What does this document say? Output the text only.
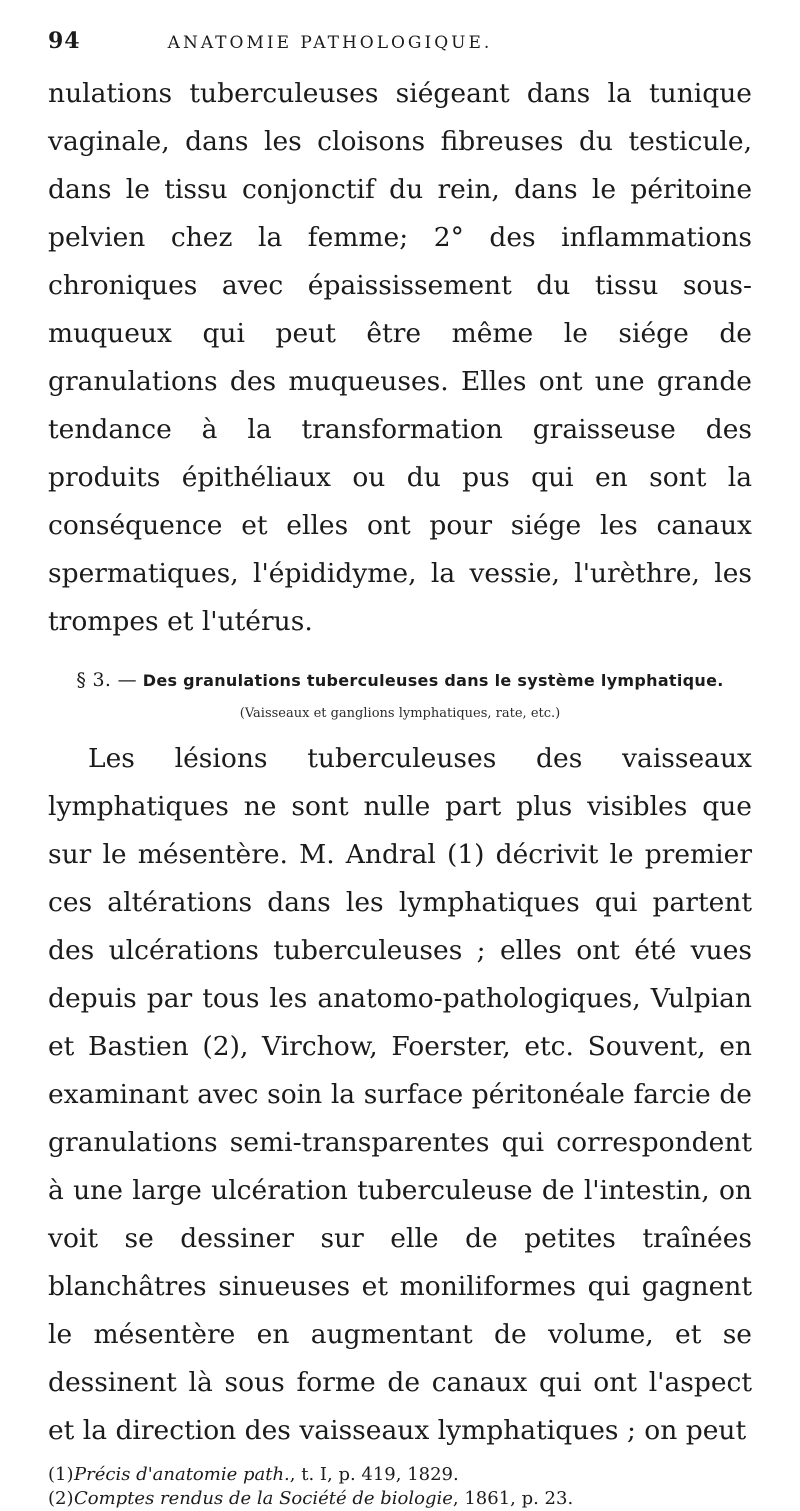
94	ANATOMIE PATHOLOGIQUE.

nulations tuberculeuses siégeant dans la tunique vaginale, dans les cloisons fibreuses du testicule, dans le tissu conjonctif du rein, dans le péritoine pelvien chez la femme; 2° des inflammations chroniques avec épaississement du tissu sous-muqueux qui peut être même le siége de granulations des muqueuses. Elles ont une grande tendance à la transformation graisseuse des produits épithéliaux ou du pus qui en sont la conséquence et elles ont pour siége les canaux spermatiques, l'épididyme, la vessie, l'urèthre, les trompes et l'utérus.

§ 3. — Des granulations tuberculeuses dans le système lymphatique.
(Vaisseaux et ganglions lymphatiques, rate, etc.)

Les lésions tuberculeuses des vaisseaux lymphatiques ne sont nulle part plus visibles que sur le mésentère. M. Andral (1) décrivit le premier ces altérations dans les lymphatiques qui partent des ulcérations tuberculeuses ; elles ont été vues depuis par tous les anatomo-pathologiques, Vulpian et Bastien (2), Virchow, Foerster, etc. Souvent, en examinant avec soin la surface péritonéale farcie de granulations semi-transparentes qui correspondent à une large ulcération tuberculeuse de l'intestin, on voit se dessiner sur elle de petites traînées blanchâtres sinueuses et moniliformes qui gagnent le mésentère en augmentant de volume, et se dessinent là sous forme de canaux qui ont l'aspect et la direction des vaisseaux lymphatiques ; on peut

(1) Précis d'anatomie path., t. I, p. 419, 1829.
(2) Comptes rendus de la Société de biologie, 1861, p. 23.
